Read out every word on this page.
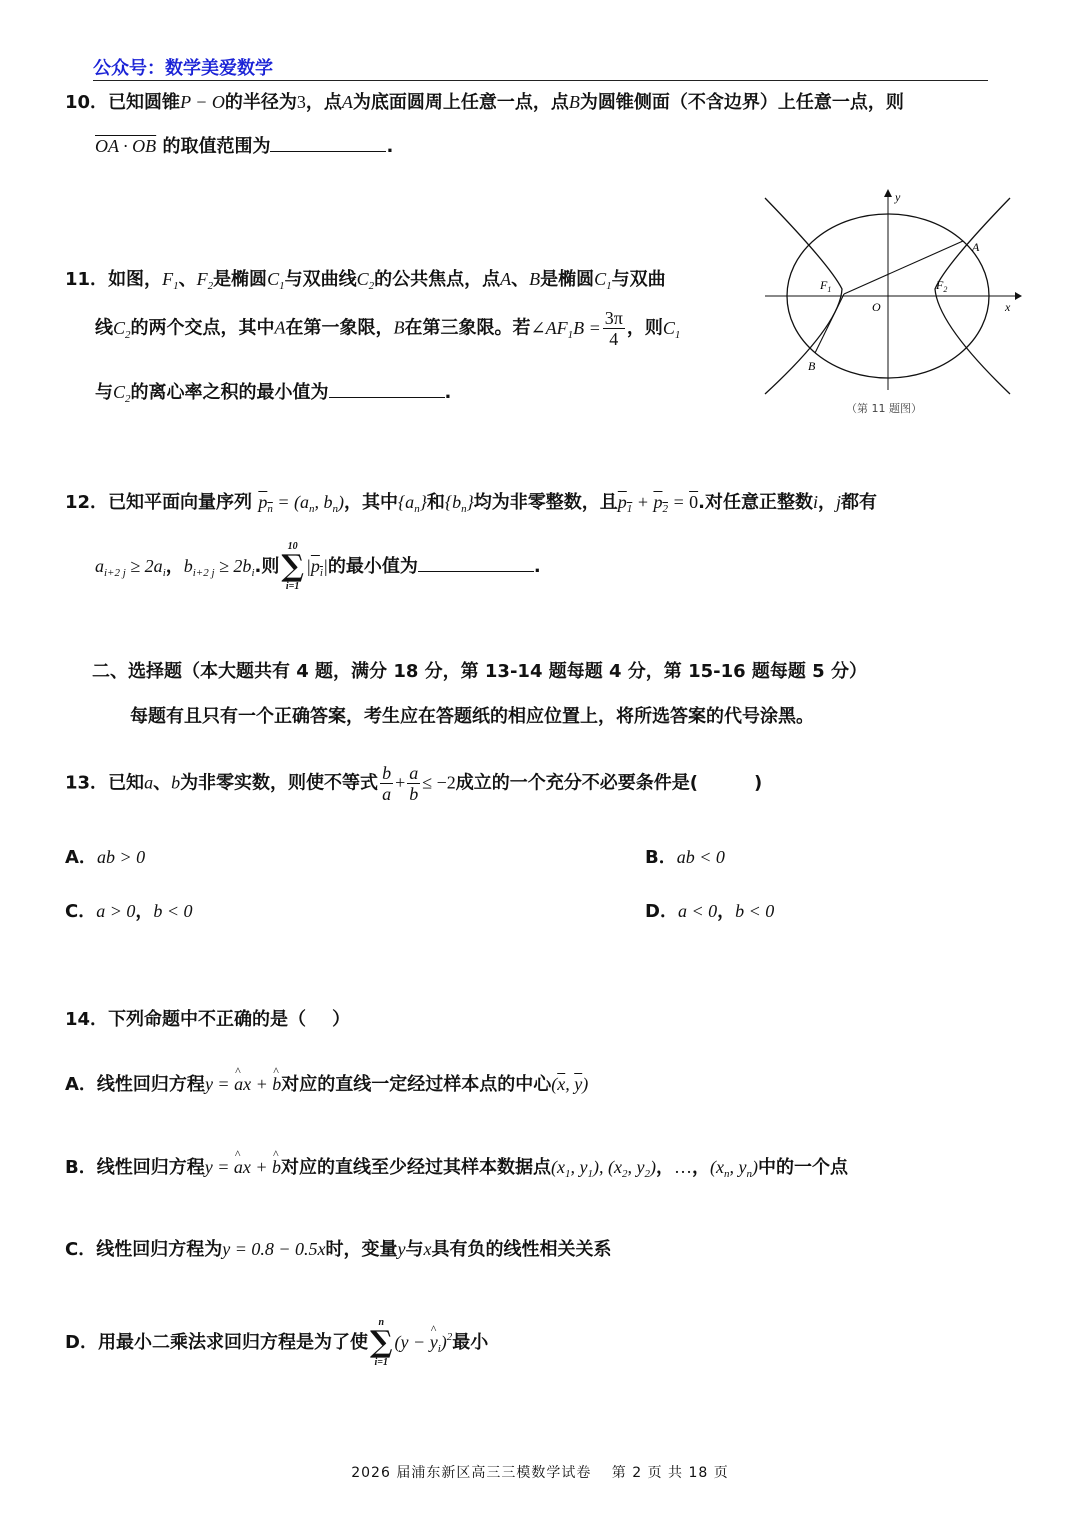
公众号：数学美爱数学
10．已知圆锥P − O的半径为3，点A为底面圆周上任意一点，点B为圆锥侧面（不含边界）上任意一点，则
OA · OB 的取值范围为	.
11．如图，$F_1$、$F_2$是椭圆$C_1$与双曲线$C_2$的公共焦点，点A、B是椭圆$C_1$与双曲
线$C_2$的两个交点，其中A在第一象限，B在第三象限。若$\angle AF_1B = \frac{3\pi}{4}$ ，则$C_1$
与$C_2$的离心率之积的最小值为	.
y
x
O
A
B
$F_1$	$F_2$
（第 11 题图）
12．已知平面向量序列 $p_n = (a_n$, $b_n$)，其中$\{a_n\}$和$\{b_n\}$均为非零整数，且$p_1 + p_2 = 0$.对任意正整数i，j都有
$a_{i+2 j} \ge 2a_i$，$b_{i+2 j} \ge 2b_i$.则
10
∑
i=1
$|p_i|$的最小值为	.
二、选择题（本大题共有 4 题，满分 18 分，第 13-14 题每题 4 分，第 15-16 题每题 5 分）
每题有且只有一个正确答案，考生应在答题纸的相应位置上，将所选答案的代号涂黑。
13．已知a、b为非零实数，则使不等式 $\frac{b}{a} + \frac{a}{b} \le -2$成立的一个充分不必要条件是(	)
A．ab > 0	B．ab < 0
C．a > 0，b < 0	D．a < 0，b < 0
14．下列命题中不正确的是（ ）
A．线性回归方程y = ^ ax + ^ b对应的直线一定经过样本点的中心($\overline{x}$, $\overline{y}$)
B．线性回归方程y = ^ ax + ^ b对应的直线至少经过其样本数据点($x_1$, $y_1$), ($x_2$, $y_2$)，…，($x_n$, $y_n$)中的一个点
C．线性回归方程为y = 0.8 − 0.5x时，变量y与x具有负的线性相关关系
D．用最小二乘法求回归方程是为了使
n
∑
i=1
(y − ^ $y_i)^2$最小
2026 届浦东新区高三三模数学试卷　 第 2 页 共 18 页
